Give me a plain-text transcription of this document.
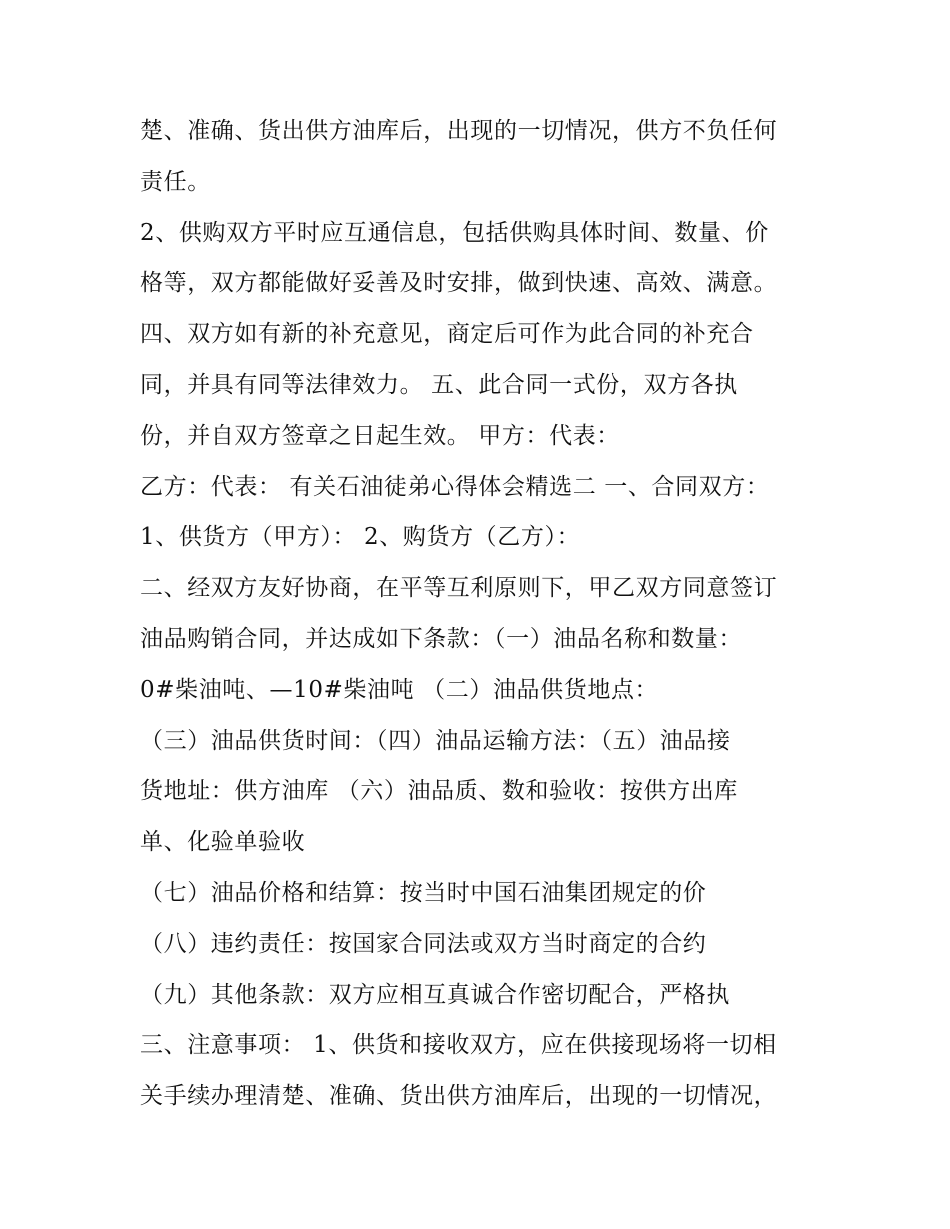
楚、准确、货出供方油库后，出现的一切情况，供方不负任何
责任。
2、供购双方平时应互通信息，包括供购具体时间、数量、价
格等，双方都能做好妥善及时安排，做到快速、高效、满意。
四、双方如有新的补充意见，商定后可作为此合同的补充合
同，并具有同等法律效力。 五、此合同一式份，双方各执
份，并自双方签章之日起生效。 甲方：代表：
乙方：代表： 有关石油徒弟心得体会精选二 一、合同双方：
1、供货方（甲方）： 2、购货方（乙方）：
二、经双方友好协商，在平等互利原则下，甲乙双方同意签订
油品购销合同，并达成如下条款：（一）油品名称和数量：
0#柴油吨、—10#柴油吨 （二）油品供货地点：
（三）油品供货时间：（四）油品运输方法：（五）油品接
货地址：供方油库 （六）油品质、数和验收：按供方出库
单、化验单验收
（七）油品价格和结算：按当时中国石油集团规定的价
（八）违约责任：按国家合同法或双方当时商定的合约
（九）其他条款：双方应相互真诚合作密切配合，严格执
三、注意事项： 1、供货和接收双方，应在供接现场将一切相
关手续办理清楚、准确、货出供方油库后，出现的一切情况，
